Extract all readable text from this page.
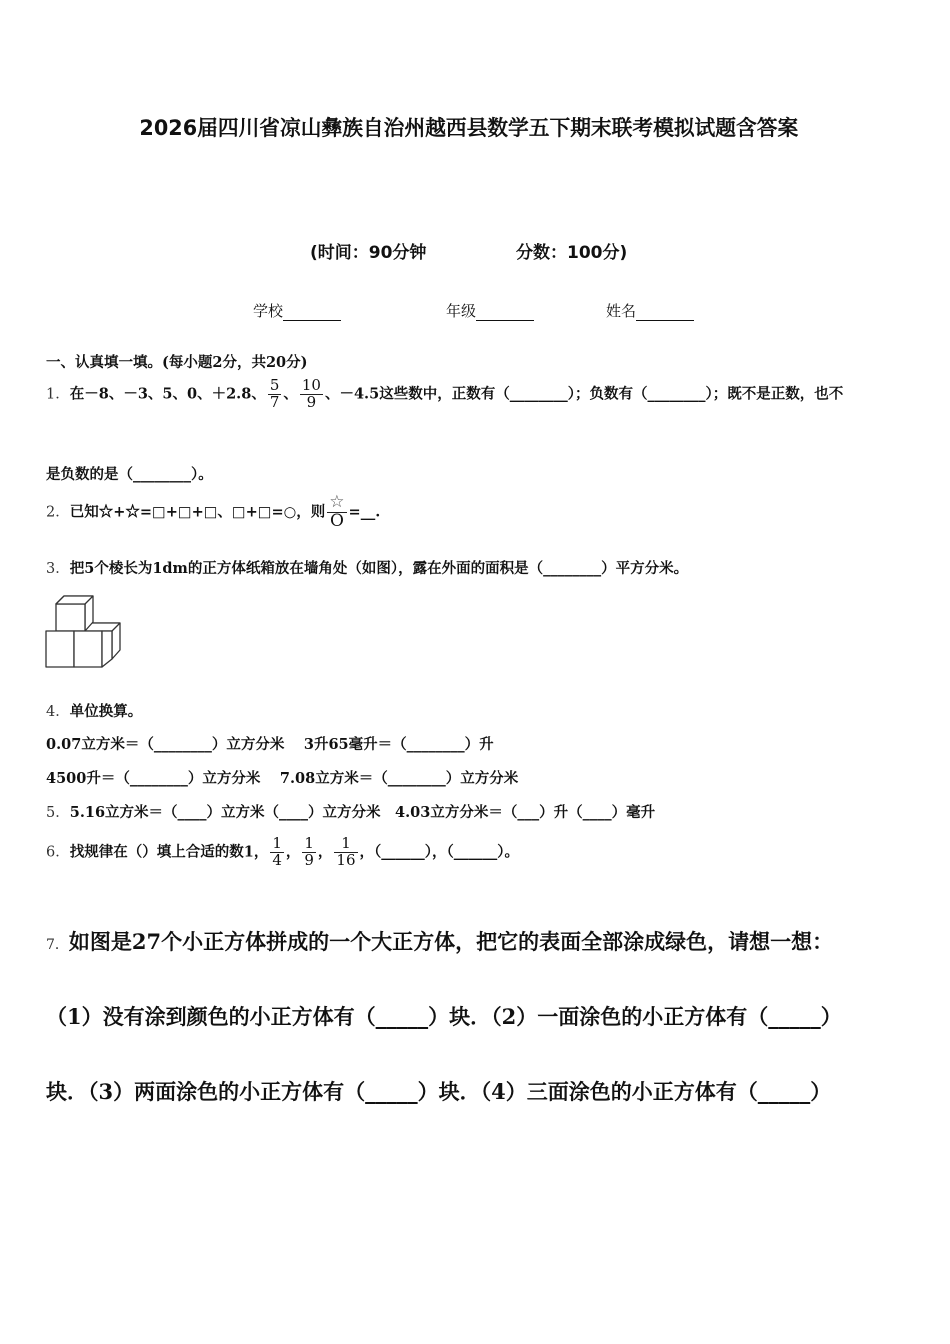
2026届四川省凉山彝族自治州越西县数学五下期末联考模拟试题含答案
(时间：90分钟	分数：100分)
学校	年级	姓名
一、认真填一填。(每小题2分，共20分)
1．在－8、－3、5、0、＋2.8、 $\frac{5}{7}$ 、 $\frac{10}{9}$ 、－4.5这些数中，正数有（________）；负数有（________）；既不是正数，也不
是负数的是（________）。
2．已知☆+☆=□+□+□、□+□=○，则 $\frac{☆}{O}$ =__.
3．把5个棱长为1dm的正方体纸箱放在墙角处（如图），露在外面的面积是（________）平方分米。
4．单位换算。
0.07立方米＝（________）立方分米　 3升65毫升＝（________）升
4500升＝（________）立方分米　 7.08立方米＝（________）立方分米
5．5.16立方米＝（____）立方米（____）立方分米　4.03立方分米＝（___）升（____）毫升
6．找规律在（）填上合适的数1， $\frac{1}{4}$ ， $\frac{1}{9}$ ， $\frac{1}{16}$ ，（______），（______）。
7．如图是27个小正方体拼成的一个大正方体，把它的表面全部涂成绿色，请想一想：
（1）没有涂到颜色的小正方体有（_____）块．（2）一面涂色的小正方体有（_____）
块．（3）两面涂色的小正方体有（_____）块．（4）三面涂色的小正方体有（_____）
